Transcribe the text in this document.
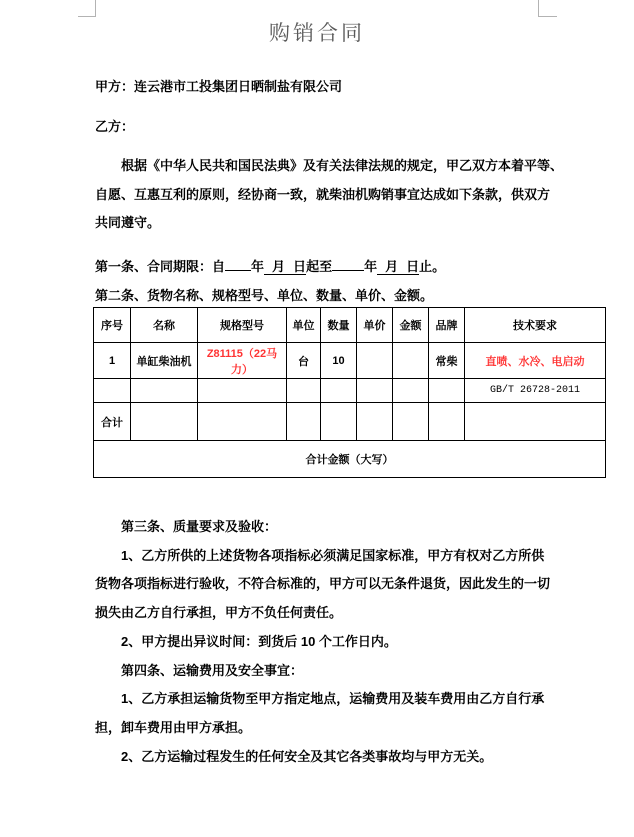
购销合同
甲方：连云港市工投集团日晒制盐有限公司
乙方：
根据《中华人民共和国民法典》及有关法律法规的规定，甲乙双方本着平等、
自愿、互惠互利的原则，经协商一致，就柴油机购销事宜达成如下条款，供双方
共同遵守。
第一条、合同期限：自 年 月 日起至 年 月 日止。
第二条、货物名称、规格型号、单位、数量、单价、金额。
序号	名称	规格型号	单位	数量	单价	金额	品牌	技术要求
1	单缸柴油机	Z81115（22马力）	台	10			常柴	直喷、水冷、电启动
								GB/T 26728-2011
合计								
合计金额（大写）								
第三条、质量要求及验收：
1、乙方所供的上述货物各项指标必须满足国家标准，甲方有权对乙方所供
货物各项指标进行验收，不符合标准的，甲方可以无条件退货，因此发生的一切
损失由乙方自行承担，甲方不负任何责任。
2、甲方提出异议时间：到货后 10 个工作日内。
第四条、运输费用及安全事宜：
1、乙方承担运输货物至甲方指定地点，运输费用及装车费用由乙方自行承
担，卸车费用由甲方承担。
2、乙方运输过程发生的任何安全及其它各类事故均与甲方无关。
